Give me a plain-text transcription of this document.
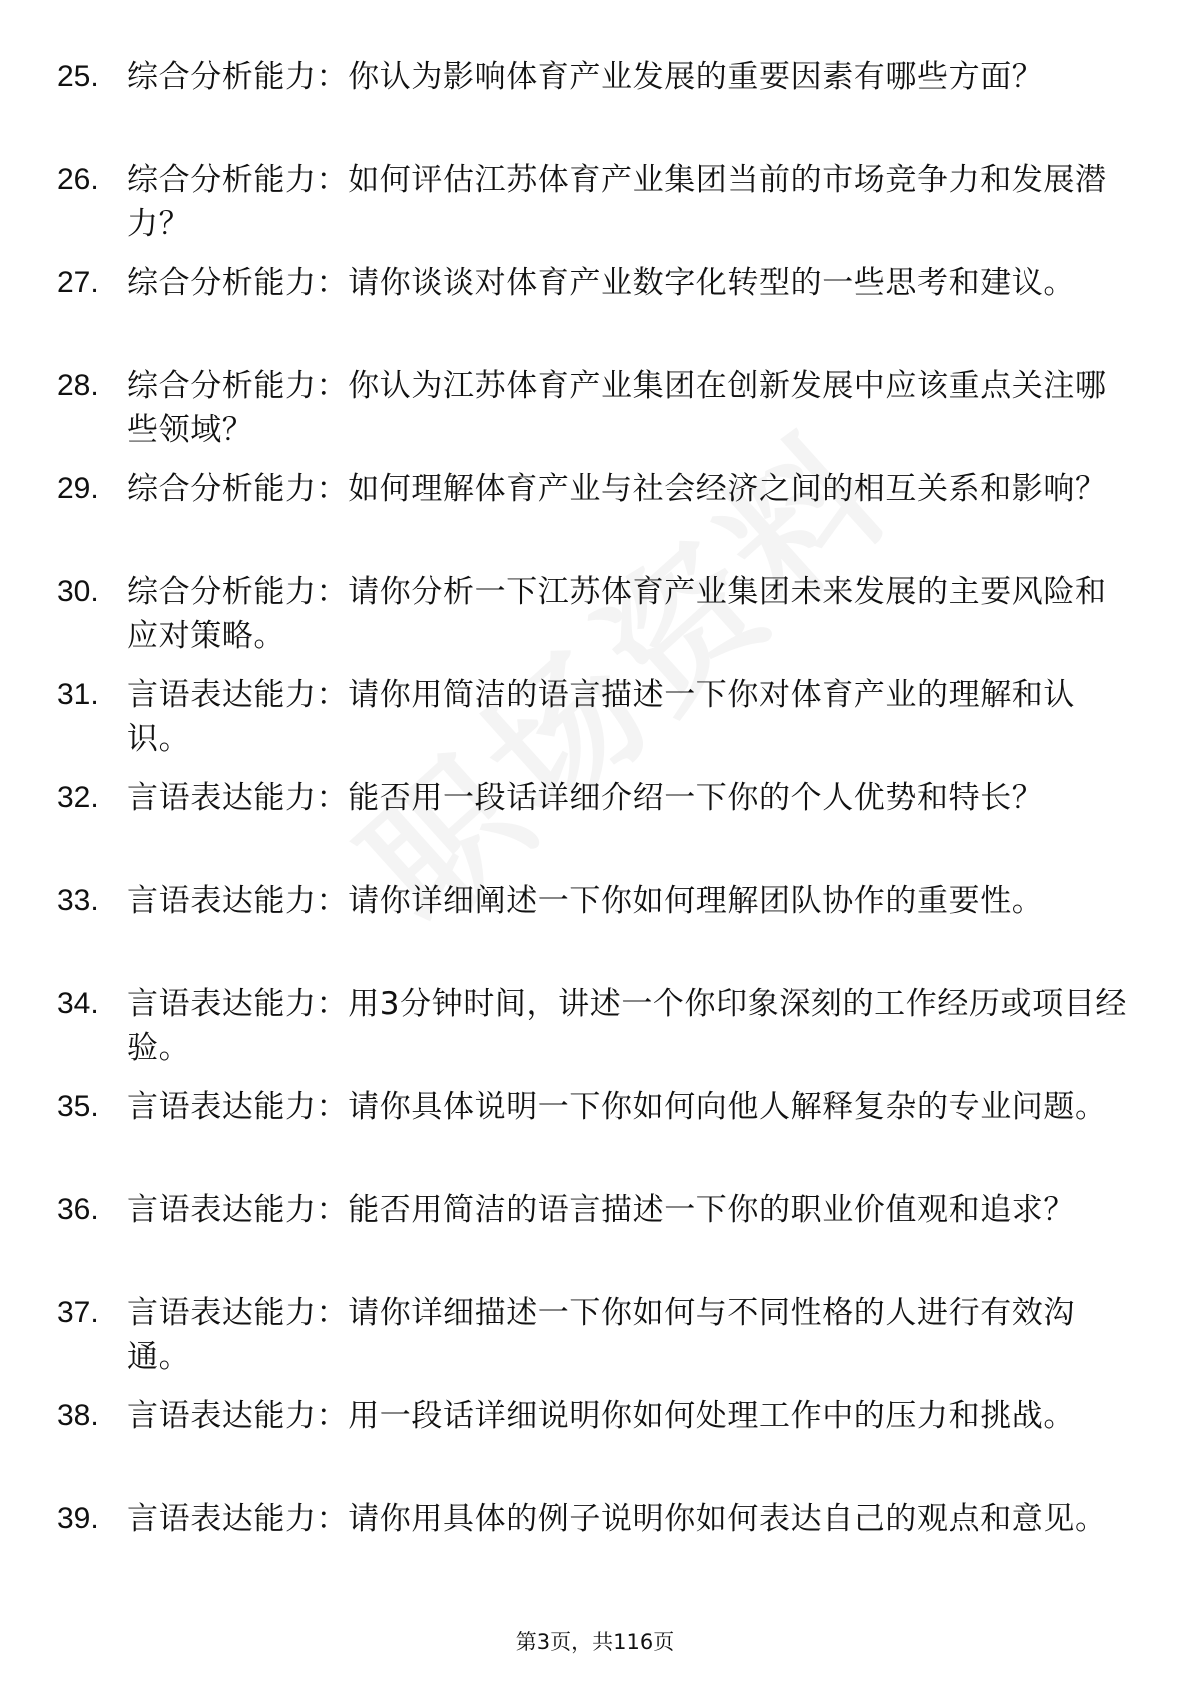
25. 综合分析能力：你认为影响体育产业发展的重要因素有哪些方面？
26. 综合分析能力：如何评估江苏体育产业集团当前的市场竞争力和发展潜力？
27. 综合分析能力：请你谈谈对体育产业数字化转型的一些思考和建议。
28. 综合分析能力：你认为江苏体育产业集团在创新发展中应该重点关注哪些领域？
29. 综合分析能力：如何理解体育产业与社会经济之间的相互关系和影响？
30. 综合分析能力：请你分析一下江苏体育产业集团未来发展的主要风险和应对策略。
31. 言语表达能力：请你用简洁的语言描述一下你对体育产业的理解和认识。
32. 言语表达能力：能否用一段话详细介绍一下你的个人优势和特长？
33. 言语表达能力：请你详细阐述一下你如何理解团队协作的重要性。
34. 言语表达能力：用3分钟时间，讲述一个你印象深刻的工作经历或项目经验。
35. 言语表达能力：请你具体说明一下你如何向他人解释复杂的专业问题。
36. 言语表达能力：能否用简洁的语言描述一下你的职业价值观和追求？
37. 言语表达能力：请你详细描述一下你如何与不同性格的人进行有效沟通。
38. 言语表达能力：用一段话详细说明你如何处理工作中的压力和挑战。
39. 言语表达能力：请你用具体的例子说明你如何表达自己的观点和意见。
第3页，共116页
